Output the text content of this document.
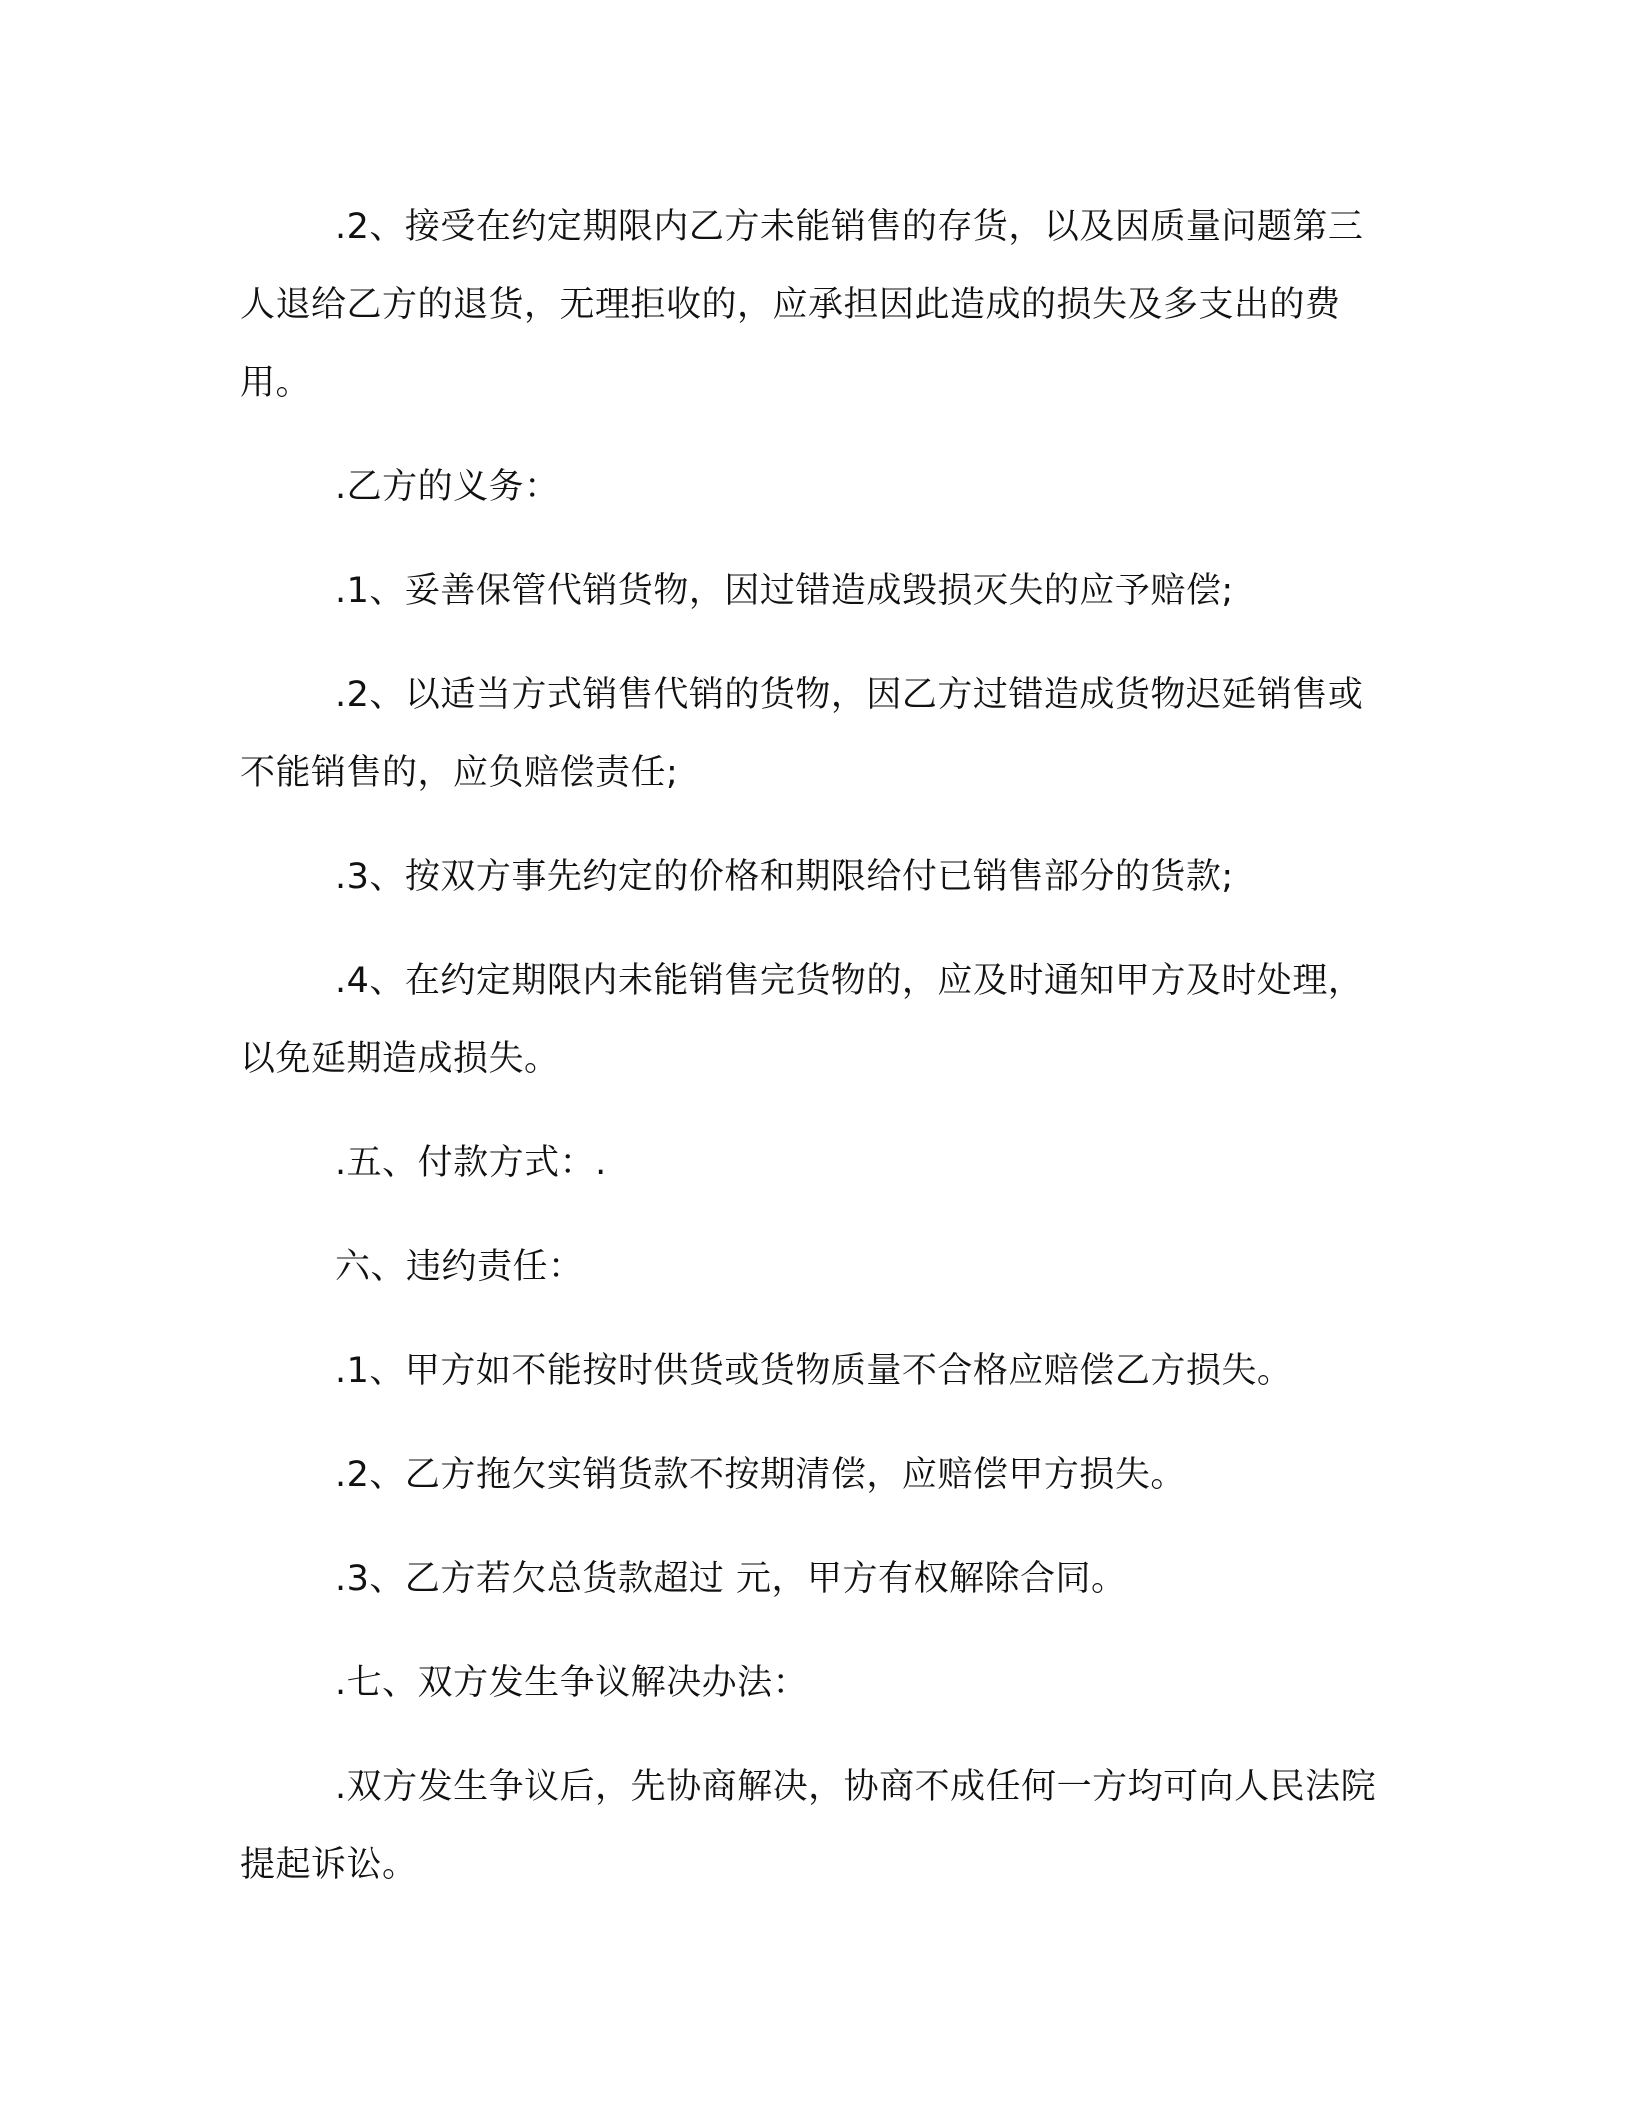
.2、接受在约定期限内乙方未能销售的存货，以及因质量问题第三人退给乙方的退货，无理拒收的，应承担因此造成的损失及多支出的费用。

.乙方的义务：

.1、妥善保管代销货物，因过错造成毁损灭失的应予赔偿;

.2、以适当方式销售代销的货物，因乙方过错造成货物迟延销售或不能销售的，应负赔偿责任;

.3、按双方事先约定的价格和期限给付已销售部分的货款;

.4、在约定期限内未能销售完货物的，应及时通知甲方及时处理，以免延期造成损失。

.五、付款方式：.

六、违约责任：

.1、甲方如不能按时供货或货物质量不合格应赔偿乙方损失。

.2、乙方拖欠实销货款不按期清偿，应赔偿甲方损失。

.3、乙方若欠总货款超过 元，甲方有权解除合同。

.七、双方发生争议解决办法：

.双方发生争议后，先协商解决，协商不成任何一方均可向人民法院提起诉讼。
